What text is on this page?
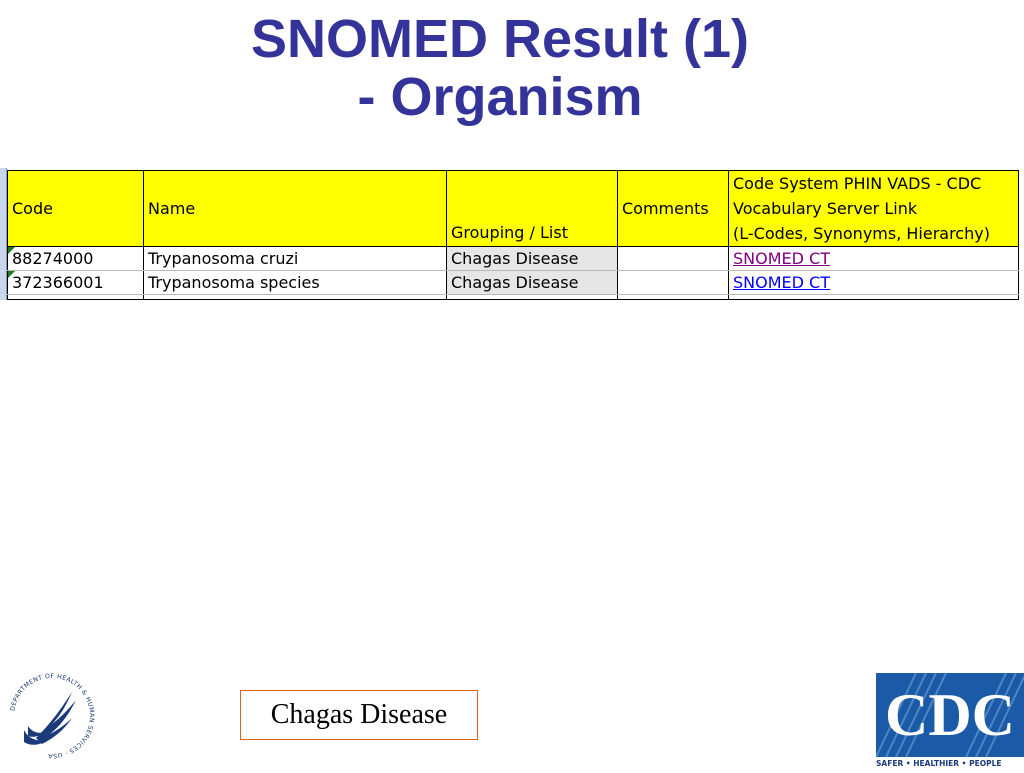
SNOMED Result (1)
- Organism
Code	Name	Grouping / List	Comments	Code System PHIN VADS - CDC
Vocabulary Server Link
(L-Codes, Synonyms, Hierarchy)

88274000	Trypanosoma cruzi	Chagas Disease		SNOMED CT
372366001	Trypanosoma species	Chagas Disease		SNOMED CT

DEPARTMENT OF HEALTH & HUMAN SERVICES · USA
Chagas Disease	CDC
SAFER • HEALTHIER • PEOPLE
